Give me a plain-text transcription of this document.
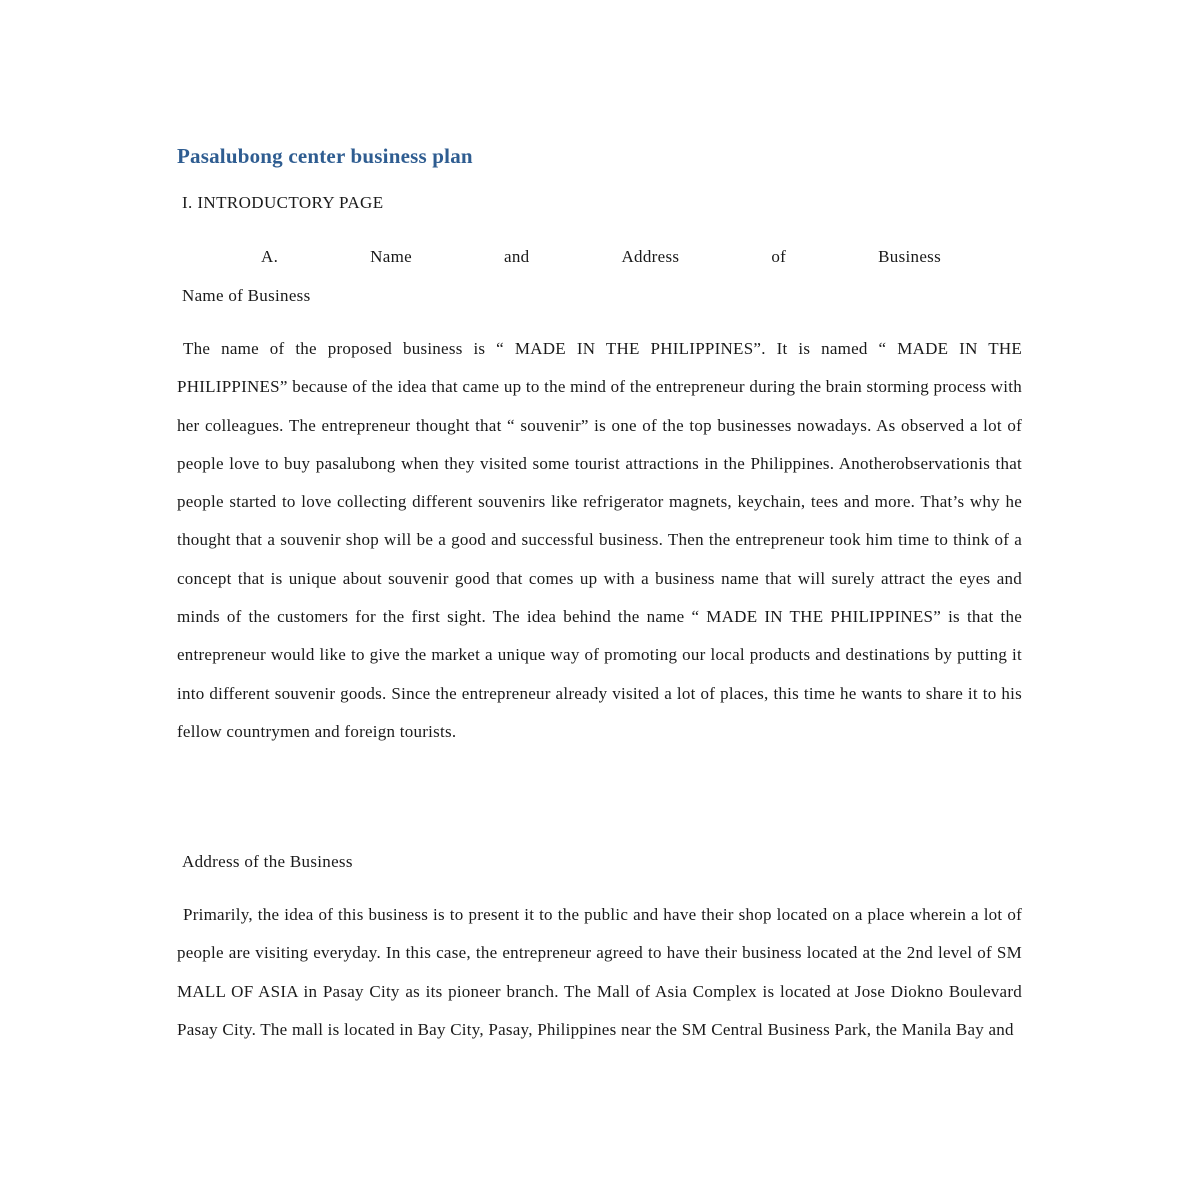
Pasalubong center business plan
I. INTRODUCTORY PAGE
A.	Name	and	Address	of	Business

Name of Business

The name of the proposed business is “ MADE IN THE PHILIPPINES”. It is named “ MADE IN THE PHILIPPINES” because of the idea that came up to the mind of the entrepreneur during the brain storming process with her colleagues. The entrepreneur thought that “ souvenir” is one of the top businesses nowadays. As observed a lot of people love to buy pasalubong when they visited some tourist attractions in the Philippines. Anotherobservationis that people started to love collecting different souvenirs like refrigerator magnets, keychain, tees and more. That’s why he thought that a souvenir shop will be a good and successful business. Then the entrepreneur took him time to think of a concept that is unique about souvenir good that comes up with a business name that will surely attract the eyes and minds of the customers for the first sight. The idea behind the name “ MADE IN THE PHILIPPINES” is that the entrepreneur would like to give the market a unique way of promoting our local products and destinations by putting it into different souvenir goods. Since the entrepreneur already visited a lot of places, this time he wants to share it to his fellow countrymen and foreign tourists.

Address of the Business

Primarily, the idea of this business is to present it to the public and have their shop located on a place wherein a lot of people are visiting everyday. In this case, the entrepreneur agreed to have their business located at the 2nd level of SM MALL OF ASIA in Pasay City as its pioneer branch. The Mall of Asia Complex is located at Jose Diokno Boulevard Pasay City. The mall is located in Bay City, Pasay, Philippines near the SM Central Business Park, the Manila Bay and
